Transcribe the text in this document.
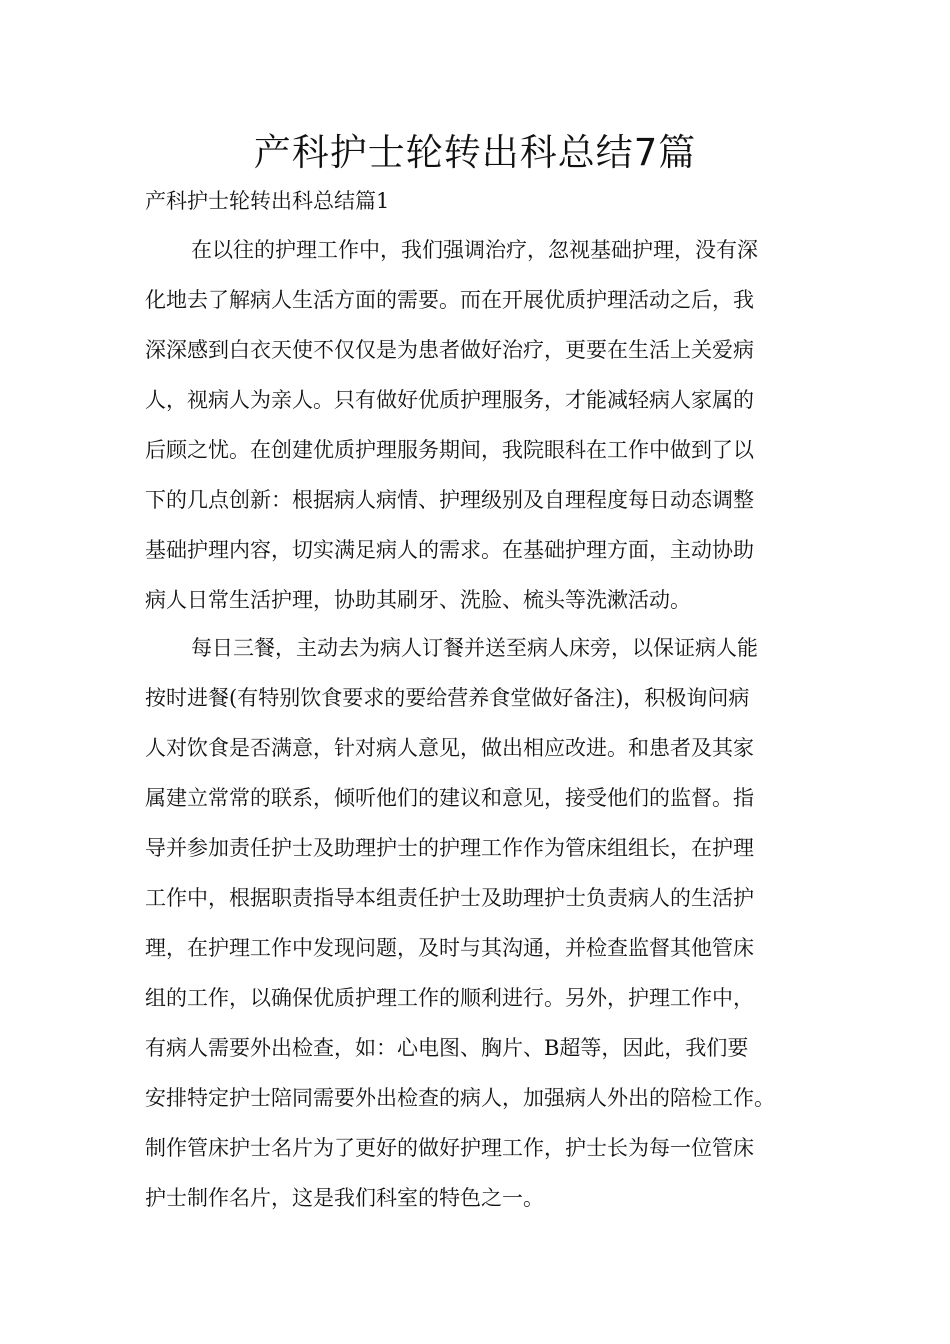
产科护士轮转出科总结7篇

产科护士轮转出科总结篇1

在以往的护理工作中，我们强调治疗，忽视基础护理，没有深
化地去了解病人生活方面的需要。而在开展优质护理活动之后，我
深深感到白衣天使不仅仅是为患者做好治疗，更要在生活上关爱病
人，视病人为亲人。只有做好优质护理服务，才能减轻病人家属的
后顾之忧。在创建优质护理服务期间，我院眼科在工作中做到了以
下的几点创新：根据病人病情、护理级别及自理程度每日动态调整
基础护理内容，切实满足病人的需求。在基础护理方面，主动协助
病人日常生活护理，协助其刷牙、洗脸、梳头等洗漱活动。
每日三餐，主动去为病人订餐并送至病人床旁，以保证病人能
按时进餐(有特别饮食要求的要给营养食堂做好备注)，积极询问病
人对饮食是否满意，针对病人意见，做出相应改进。和患者及其家
属建立常常的联系，倾听他们的建议和意见，接受他们的监督。指
导并参加责任护士及助理护士的护理工作作为管床组组长，在护理
工作中，根据职责指导本组责任护士及助理护士负责病人的生活护
理，在护理工作中发现问题，及时与其沟通，并检查监督其他管床
组的工作，以确保优质护理工作的顺利进行。另外，护理工作中，
有病人需要外出检查，如：心电图、胸片、B超等，因此，我们要
安排特定护士陪同需要外出检查的病人，加强病人外出的陪检工作。
制作管床护士名片为了更好的做好护理工作，护士长为每一位管床
护士制作名片，这是我们科室的特色之一。
